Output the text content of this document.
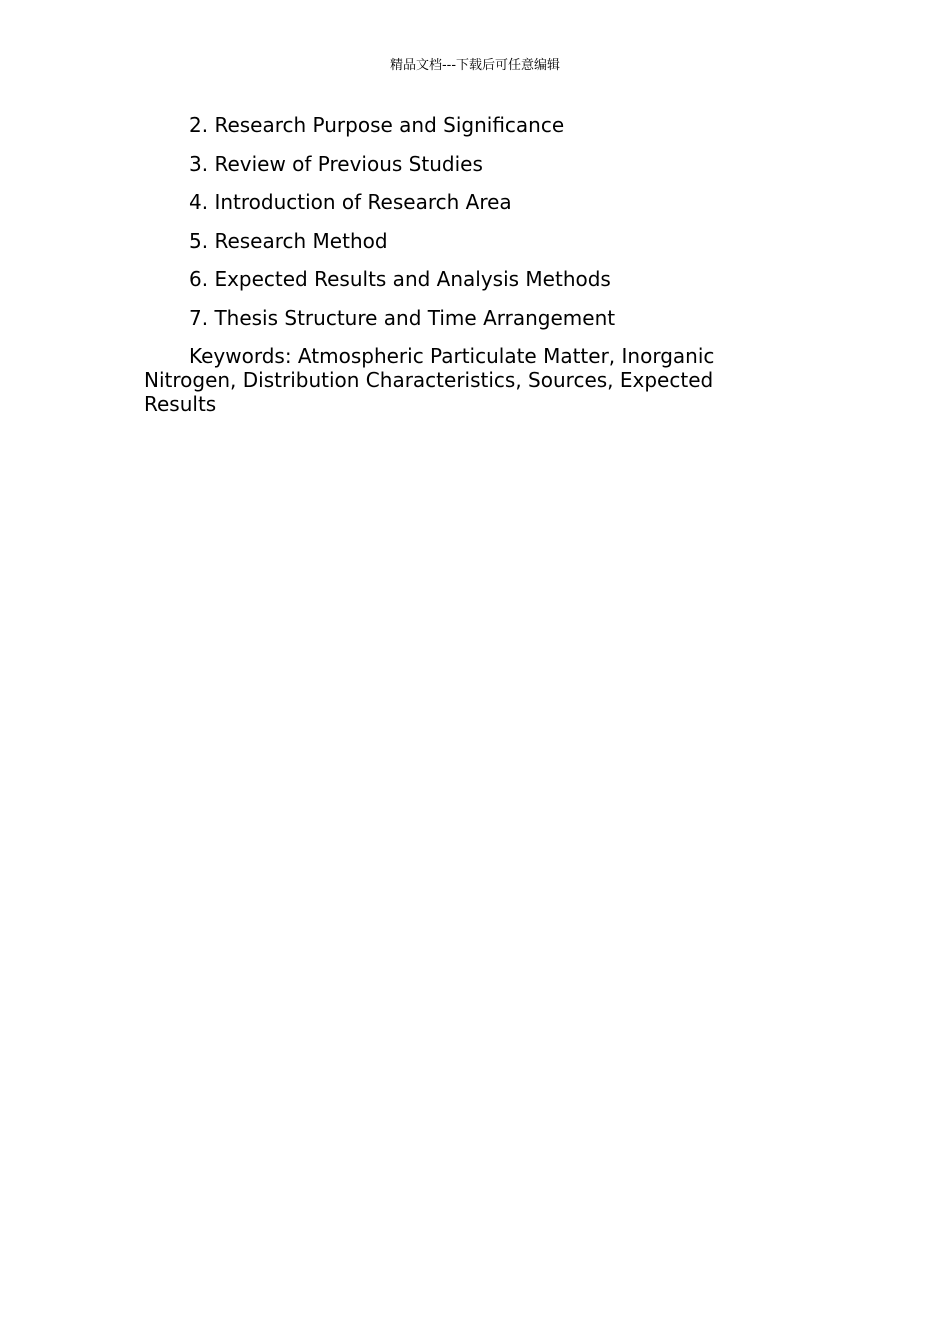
精品文档---下载后可任意编辑

2. Research Purpose and Significance

3. Review of Previous Studies

4. Introduction of Research Area

5. Research Method

6. Expected Results and Analysis Methods

7. Thesis Structure and Time Arrangement

Keywords: Atmospheric Particulate Matter, Inorganic Nitrogen, Distribution Characteristics, Sources, Expected Results
